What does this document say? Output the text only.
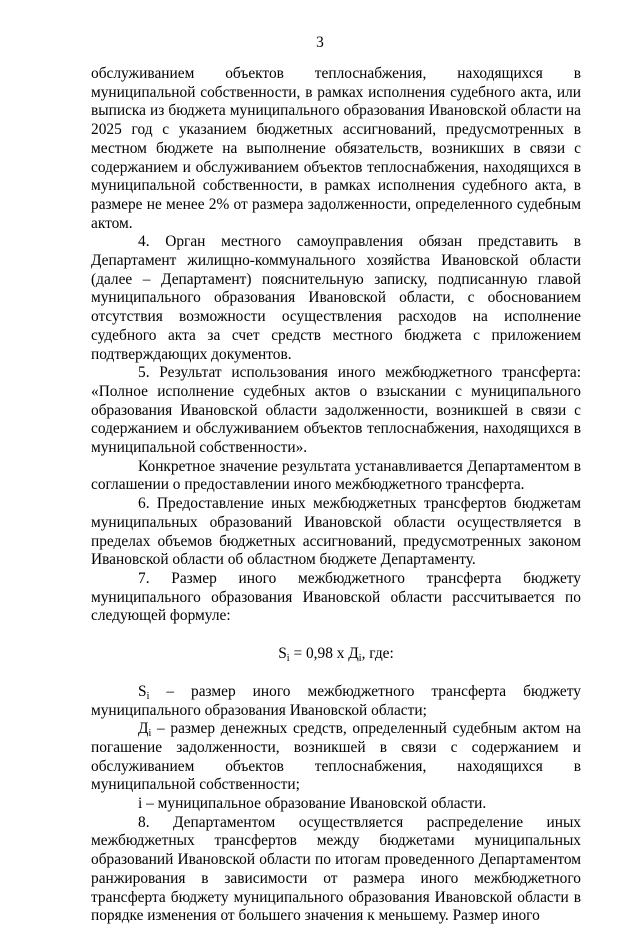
3

обслуживанием объектов теплоснабжения, находящихся в муниципальной собственности, в рамках исполнения судебного акта, или выписка из бюджета муниципального образования Ивановской области на 2025 год с указанием бюджетных ассигнований, предусмотренных в местном бюджете на выполнение обязательств, возникших в связи с содержанием и обслуживанием объектов теплоснабжения, находящихся в муниципальной собственности, в рамках исполнения судебного акта, в размере не менее 2% от размера задолженности, определенного судебным актом.

4. Орган местного самоуправления обязан представить в Департамент жилищно-коммунального хозяйства Ивановской области (далее – Департамент) пояснительную записку, подписанную главой муниципального образования Ивановской области, с обоснованием отсутствия возможности осуществления расходов на исполнение судебного акта за счет средств местного бюджета с приложением подтверждающих документов.

5. Результат использования иного межбюджетного трансферта: «Полное исполнение судебных актов о взыскании с муниципального образования Ивановской области задолженности, возникшей в связи с содержанием и обслуживанием объектов теплоснабжения, находящихся в муниципальной собственности».

Конкретное значение результата устанавливается Департаментом в соглашении о предоставлении иного межбюджетного трансферта.

6. Предоставление иных межбюджетных трансфертов бюджетам муниципальных образований Ивановской области осуществляется в пределах объемов бюджетных ассигнований, предусмотренных законом Ивановской области об областном бюджете Департаменту.

7. Размер иного межбюджетного трансферта бюджету муниципального образования Ивановской области рассчитывается по следующей формуле:

$S_i = 0,98$ x $Д_i$, где:

$S_i$ – размер иного межбюджетного трансферта бюджету муниципального образования Ивановской области;

$Д_i$ – размер денежных средств, определенный судебным актом на погашение задолженности, возникшей в связи с содержанием и обслуживанием объектов теплоснабжения, находящихся в муниципальной собственности;

i – муниципальное образование Ивановской области.

8. Департаментом осуществляется распределение иных межбюджетных трансфертов между бюджетами муниципальных образований Ивановской области по итогам проведенного Департаментом ранжирования в зависимости от размера иного межбюджетного трансферта бюджету муниципального образования Ивановской области в порядке изменения от большего значения к меньшему. Размер иного
